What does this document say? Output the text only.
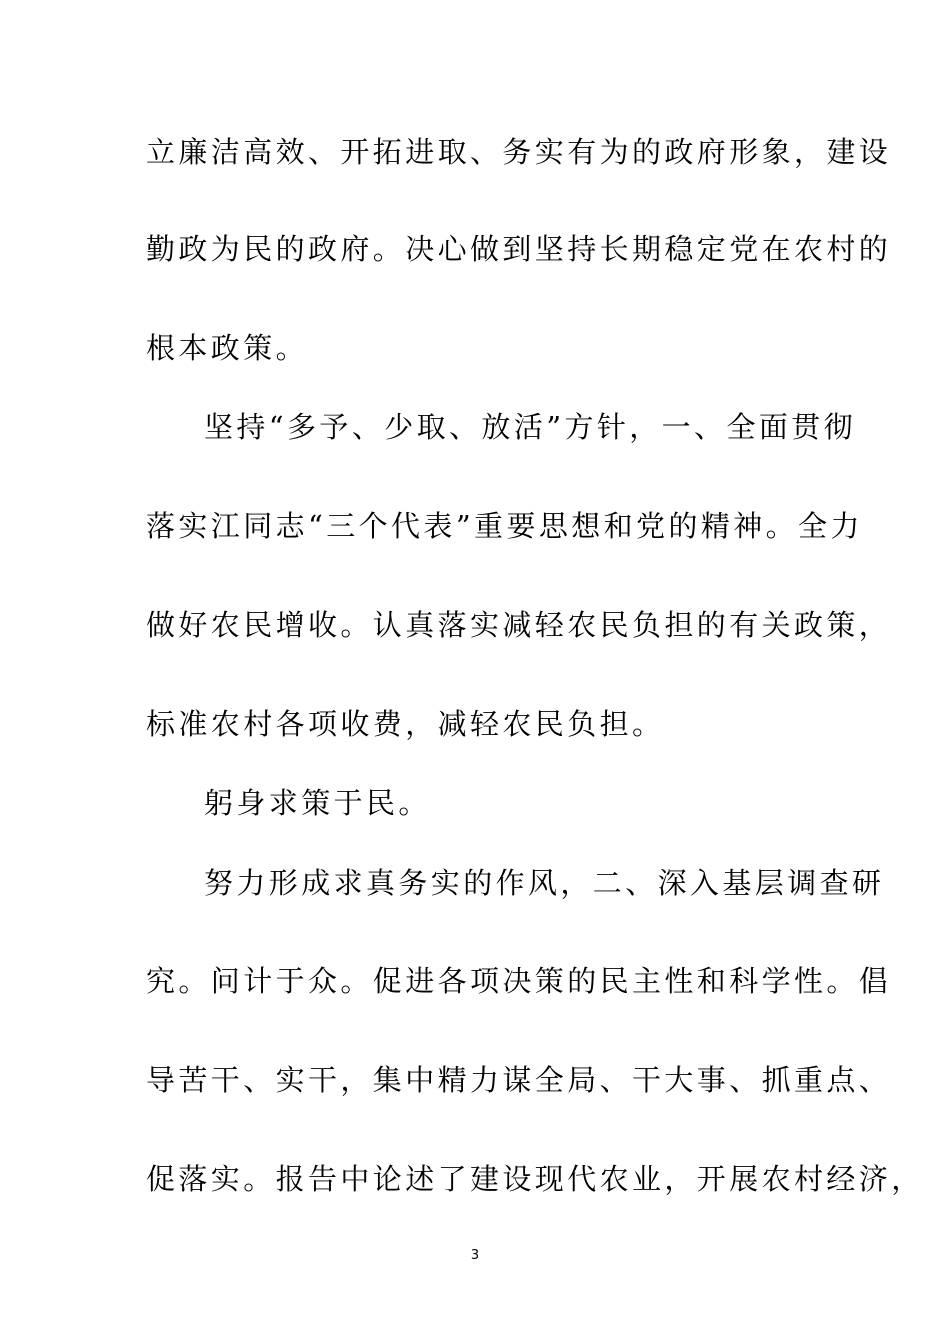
立廉洁高效、开拓进取、务实有为的政府形象，建设
勤政为民的政府。决心做到坚持长期稳定党在农村的
根本政策。
坚持“多予、少取、放活”方针，一、全面贯彻
落实江同志“三个代表”重要思想和党的精神。全力
做好农民增收。认真落实减轻农民负担的有关政策，
标准农村各项收费，减轻农民负担。
躬身求策于民。
努力形成求真务实的作风，二、深入基层调查研
究。问计于众。促进各项决策的民主性和科学性。倡
导苦干、实干，集中精力谋全局、干大事、抓重点、
促落实。报告中论述了建设现代农业，开展农村经济，
3
